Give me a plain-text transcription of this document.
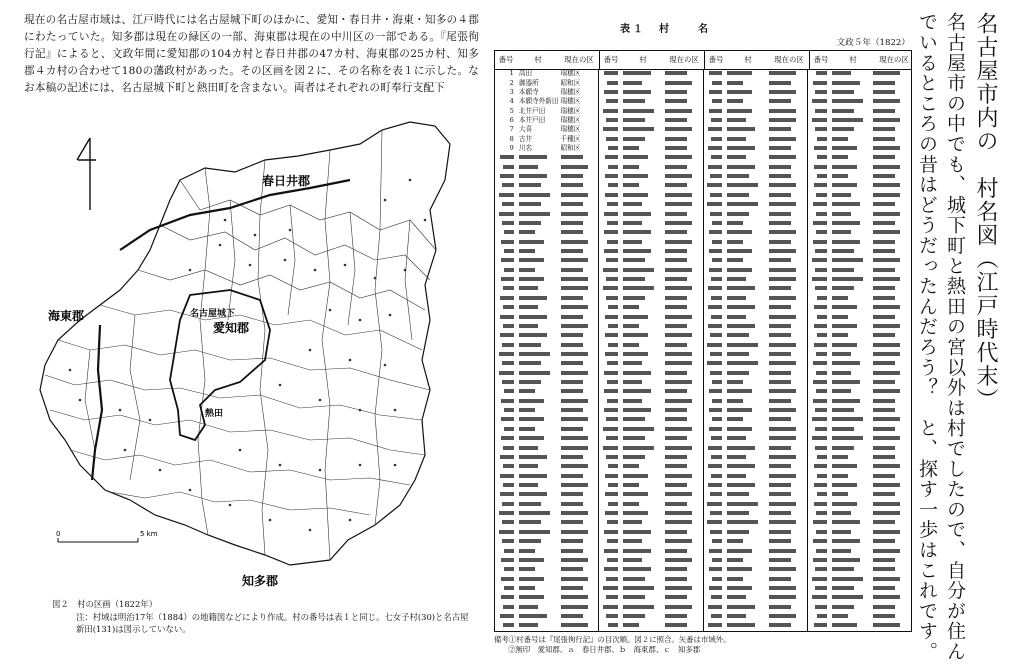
現在の名古屋市域は、江戸時代には名古屋城下町のほかに、愛知・春日井・海東・知多の４郡にわたっていた。知多郡は現在の緑区の一部、海東郡は現在の中川区の一部である。『尾張徇行記』によると、文政年間に愛知郡の104カ村と春日井郡の47カ村、海東郡の25カ村、知多郡４カ村の合わせて180の藩政村があった。その区画を図２に、その名称を表１に示した。なお本稿の記述には、名古屋城下町と熱田町を含まない。両者はそれぞれの町奉行支配下
春日井郡
海東郡
愛知郡
名古屋城下
熱田
知多郡
0	5 km
図２　村の区画（1822年）
注：村域は明治17年（1884）の地籍図などにより作成。村の番号は表１と同じ。七女子村(30)と名古屋新田(131)は図示していない。
表１　村　　名
文政５年（1822）
番号	村	現在の区	番号	村	現在の区	番号	村	現在の区	番号	村	現在の区
1 高田	瑞穂区
2 御器所	昭和区
3 本願寺	瑞穂区
4 本願寺外新田 瑞穂区
5 北井戸田	瑞穂区
6 本井戸田	瑞穂区
7 大喜	瑞穂区
8 古井	千種区
9 川名	昭和区
備考①村番号は『尾張徇行記』の目次順。図２に照合。矢番は市域外。
②無印　愛知郡、ａ　春日井郡、ｂ　海東郡、ｃ　知多郡
名古屋市内の　村名図（江戸時代末）
名古屋市の中でも、城下町と熱田の宮以外は村でしたので、自分が住ん
でいるところの昔はどうだったんだろう？　と、探す一歩はこれです。
